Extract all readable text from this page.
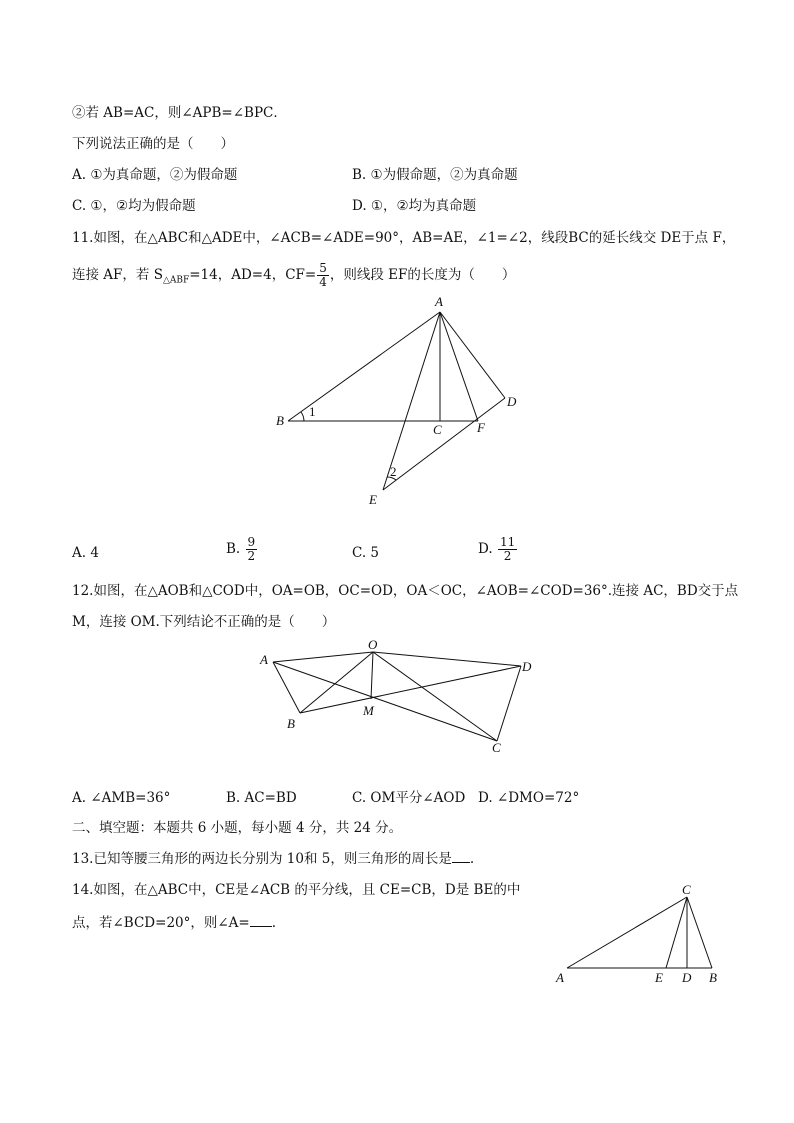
②若 AB=AC，则∠APB=∠BPC．
下列说法正确的是（　　）
A. ①为真命题，②为假命题	B. ①为假命题，②为真命题
C. ①，②均为假命题	D. ①，②均为真命题
11.如图，在△ABC和△ADE中，∠ACB=∠ADE=90°，AB=AE，∠1=∠2，线段BC的延长线交 DE于点 F，
连接 AF，若 $S_{\triangle ABF}=14$，AD=4，$CF= \frac{5}{4}$ ，则线段 EF的长度为（　　）
A
B
C	F
D
E
1
2
A. 4	B. $\frac{9}{2}$	C. 5	D. $\frac{11}{2}$
12.如图，在△AOB和△COD中，OA=OB，OC=OD，OA＜OC，∠AOB=∠COD=36°.连接 AC，BD交于点
M，连接 OM.下列结论不正确的是（　　）
O
A
B
C
D
M
A. ∠AMB=36°	B. AC=BD	C. OM平分∠AOD D. ∠DMO=72°
二、填空题：本题共 6 小题，每小题 4 分，共 24 分。
13.已知等腰三角形的两边长分别为 10和 5，则三角形的周长是 .
14.如图，在△ABC中，CE是∠ACB 的平分线，且 CE=CB，D是 BE的中
点，若∠BCD=20°，则∠A= .
C
A	E D B
